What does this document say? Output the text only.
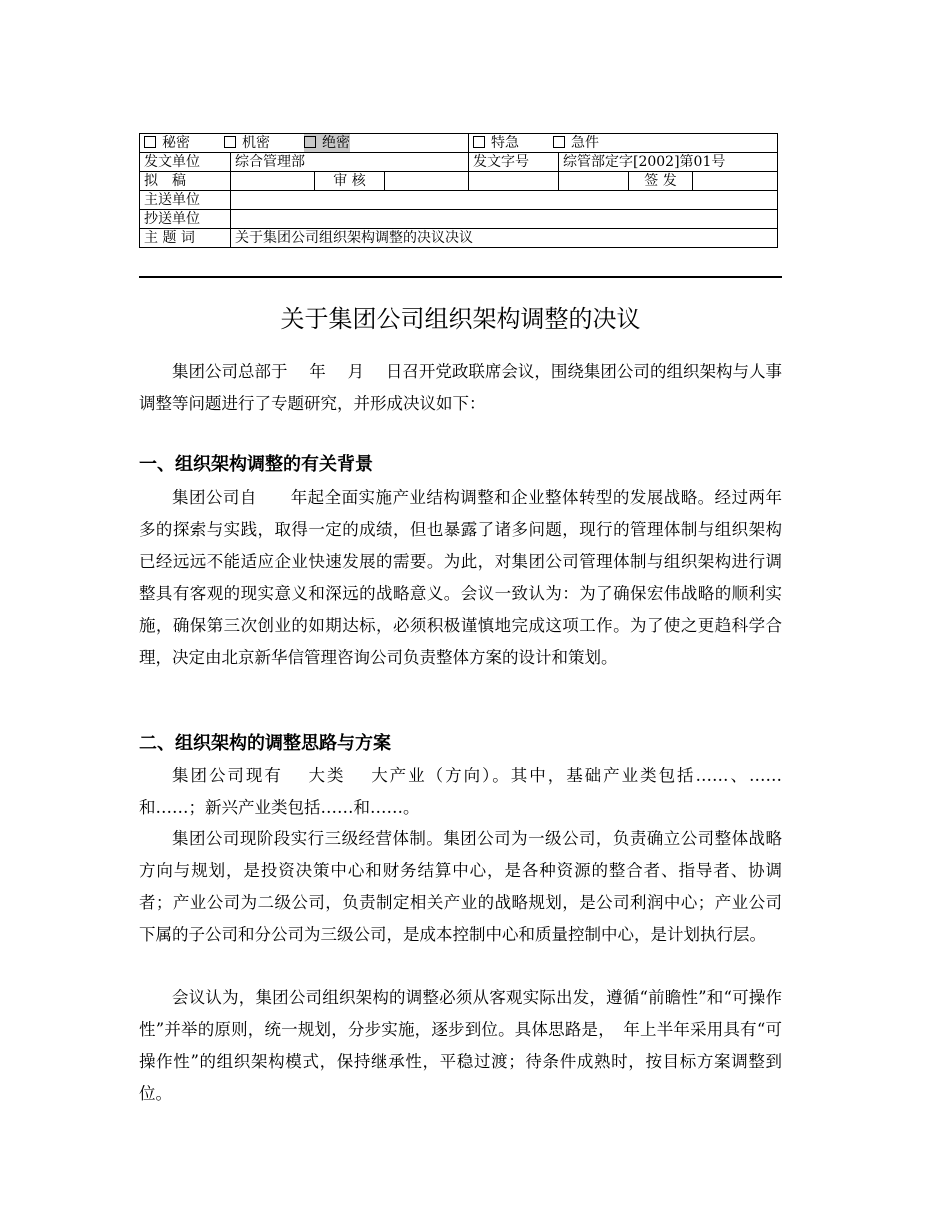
秘密 机密 绝密				特急 急件			
发文单位	综合管理部			发文字号	综管部定字[2002]第01号		
拟　稿		审 核				签 发	
主送单位							
抄送单位							
主 题 词	关于集团公司组织架构调整的决议决议						
关于集团公司组织架构调整的决议

集团公司总部于　 年　 月　 日召开党政联席会议，围绕集团公司的组织架构与人事调整等问题进行了专题研究，并形成决议如下：

一、组织架构调整的有关背景

集团公司自　　年起全面实施产业结构调整和企业整体转型的发展战略。经过两年多的探索与实践，取得一定的成绩，但也暴露了诸多问题，现行的管理体制与组织架构已经远远不能适应企业快速发展的需要。为此，对集团公司管理体制与组织架构进行调整具有客观的现实意义和深远的战略意义。会议一致认为：为了确保宏伟战略的顺利实施，确保第三次创业的如期达标，必须积极谨慎地完成这项工作。为了使之更趋科学合理，决定由北京新华信管理咨询公司负责整体方案的设计和策划。

二、组织架构的调整思路与方案

集团公司现有　 大类　 大产业（方向）。其中，基础产业类包括……、……和……；新兴产业类包括……和……。

集团公司现阶段实行三级经营体制。集团公司为一级公司，负责确立公司整体战略方向与规划，是投资决策中心和财务结算中心，是各种资源的整合者、指导者、协调者；产业公司为二级公司，负责制定相关产业的战略规划，是公司利润中心；产业公司下属的子公司和分公司为三级公司，是成本控制中心和质量控制中心，是计划执行层。

会议认为，集团公司组织架构的调整必须从客观实际出发，遵循“前瞻性”和“可操作性”并举的原则，统一规划，分步实施，逐步到位。具体思路是，　年上半年采用具有“可操作性”的组织架构模式，保持继承性，平稳过渡；待条件成熟时，按目标方案调整到位。
